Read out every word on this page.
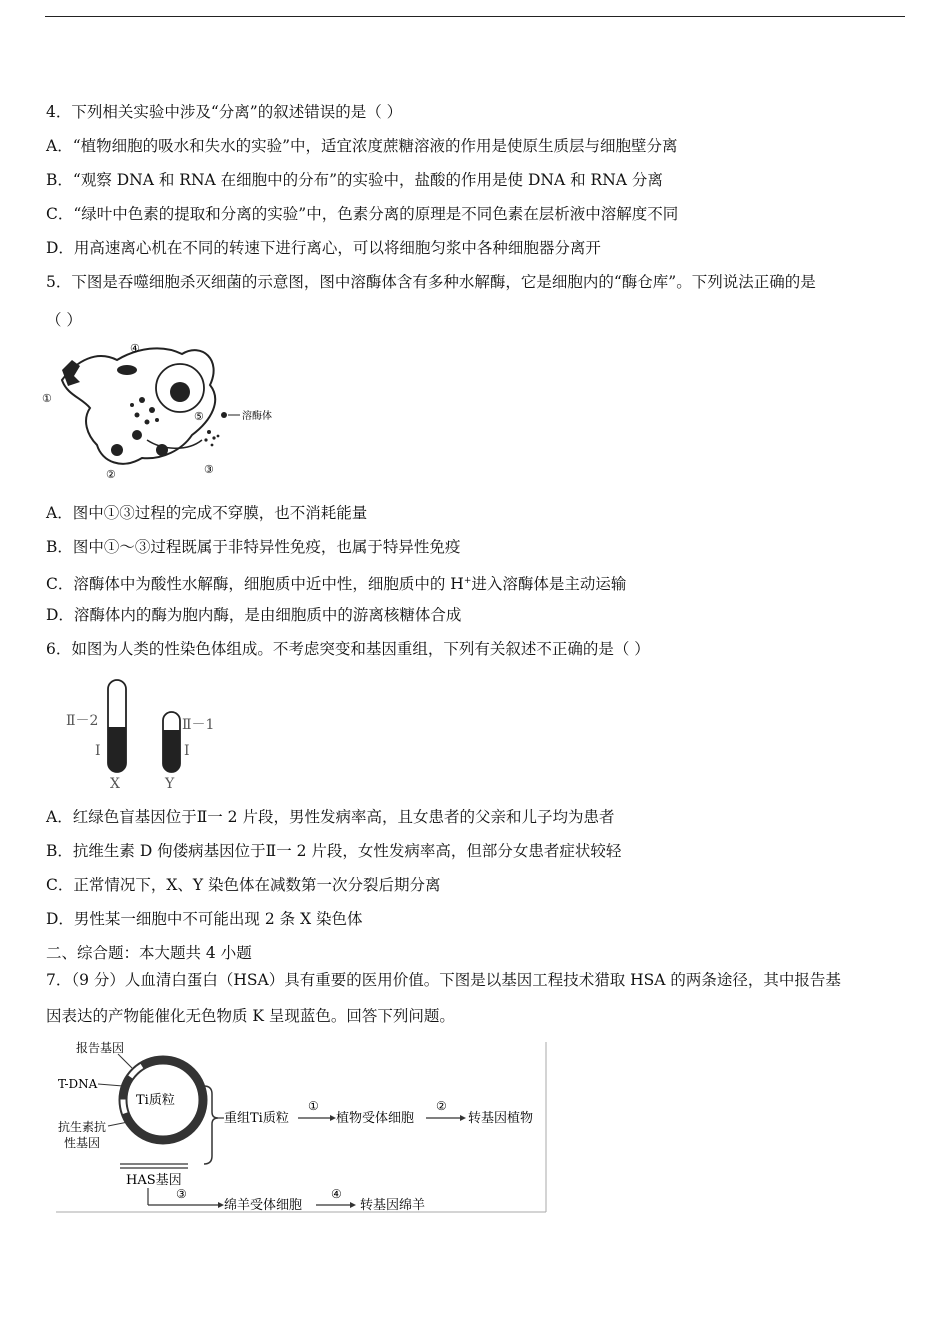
4．下列相关实验中涉及“分离”的叙述错误的是（ ）
A．“植物细胞的吸水和失水的实验”中，适宜浓度蔗糖溶液的作用是使原生质层与细胞壁分离
B．“观察 DNA 和 RNA 在细胞中的分布”的实验中，盐酸的作用是使 DNA 和 RNA 分离
C．“绿叶中色素的提取和分离的实验”中，色素分离的原理是不同色素在层析液中溶解度不同
D．用高速离心机在不同的转速下进行离心，可以将细胞匀浆中各种细胞器分离开
5．下图是吞噬细胞杀灭细菌的示意图，图中溶酶体含有多种水解酶，它是细胞内的“酶仓库”。下列说法正确的是
（ ）
①
②	③
④
⑤	溶酶体
A．图中①③过程的完成不穿膜，也不消耗能量
B．图中①～③过程既属于非特异性免疫，也属于特异性免疫
C．溶酶体中为酸性水解酶，细胞质中近中性，细胞质中的 H+进入溶酶体是主动运输
D．溶酶体内的酶为胞内酶，是由细胞质中的游离核糖体合成
6．如图为人类的性染色体组成。不考虑突变和基因重组，下列有关叙述不正确的是（ ）
Ⅱ－2
Ⅰ
X
Ⅱ－1
Ⅰ
Y
A．红绿色盲基因位于Ⅱ一 2 片段，男性发病率高，且女患者的父亲和儿子均为患者
B．抗维生素 D 佝偻病基因位于Ⅱ一 2 片段，女性发病率高，但部分女患者症状较轻
C．正常情况下，X、Y 染色体在减数第一次分裂后期分离
D．男性某一细胞中不可能出现 2 条 X 染色体
二、综合题：本大题共 4 小题
7．（9 分）人血清白蛋白（HSA）具有重要的医用价值。下图是以基因工程技术猎取 HSA 的两条途径，其中报告基
因表达的产物能催化无色物质 K 呈现蓝色。回答下列问题。
Ti质粒
报告基因
T-DNA
抗生素抗
性基因
重组Ti质粒
①
植物受体细胞
②
转基因植物
HAS基因
③
绵羊受体细胞
④
转基因绵羊
